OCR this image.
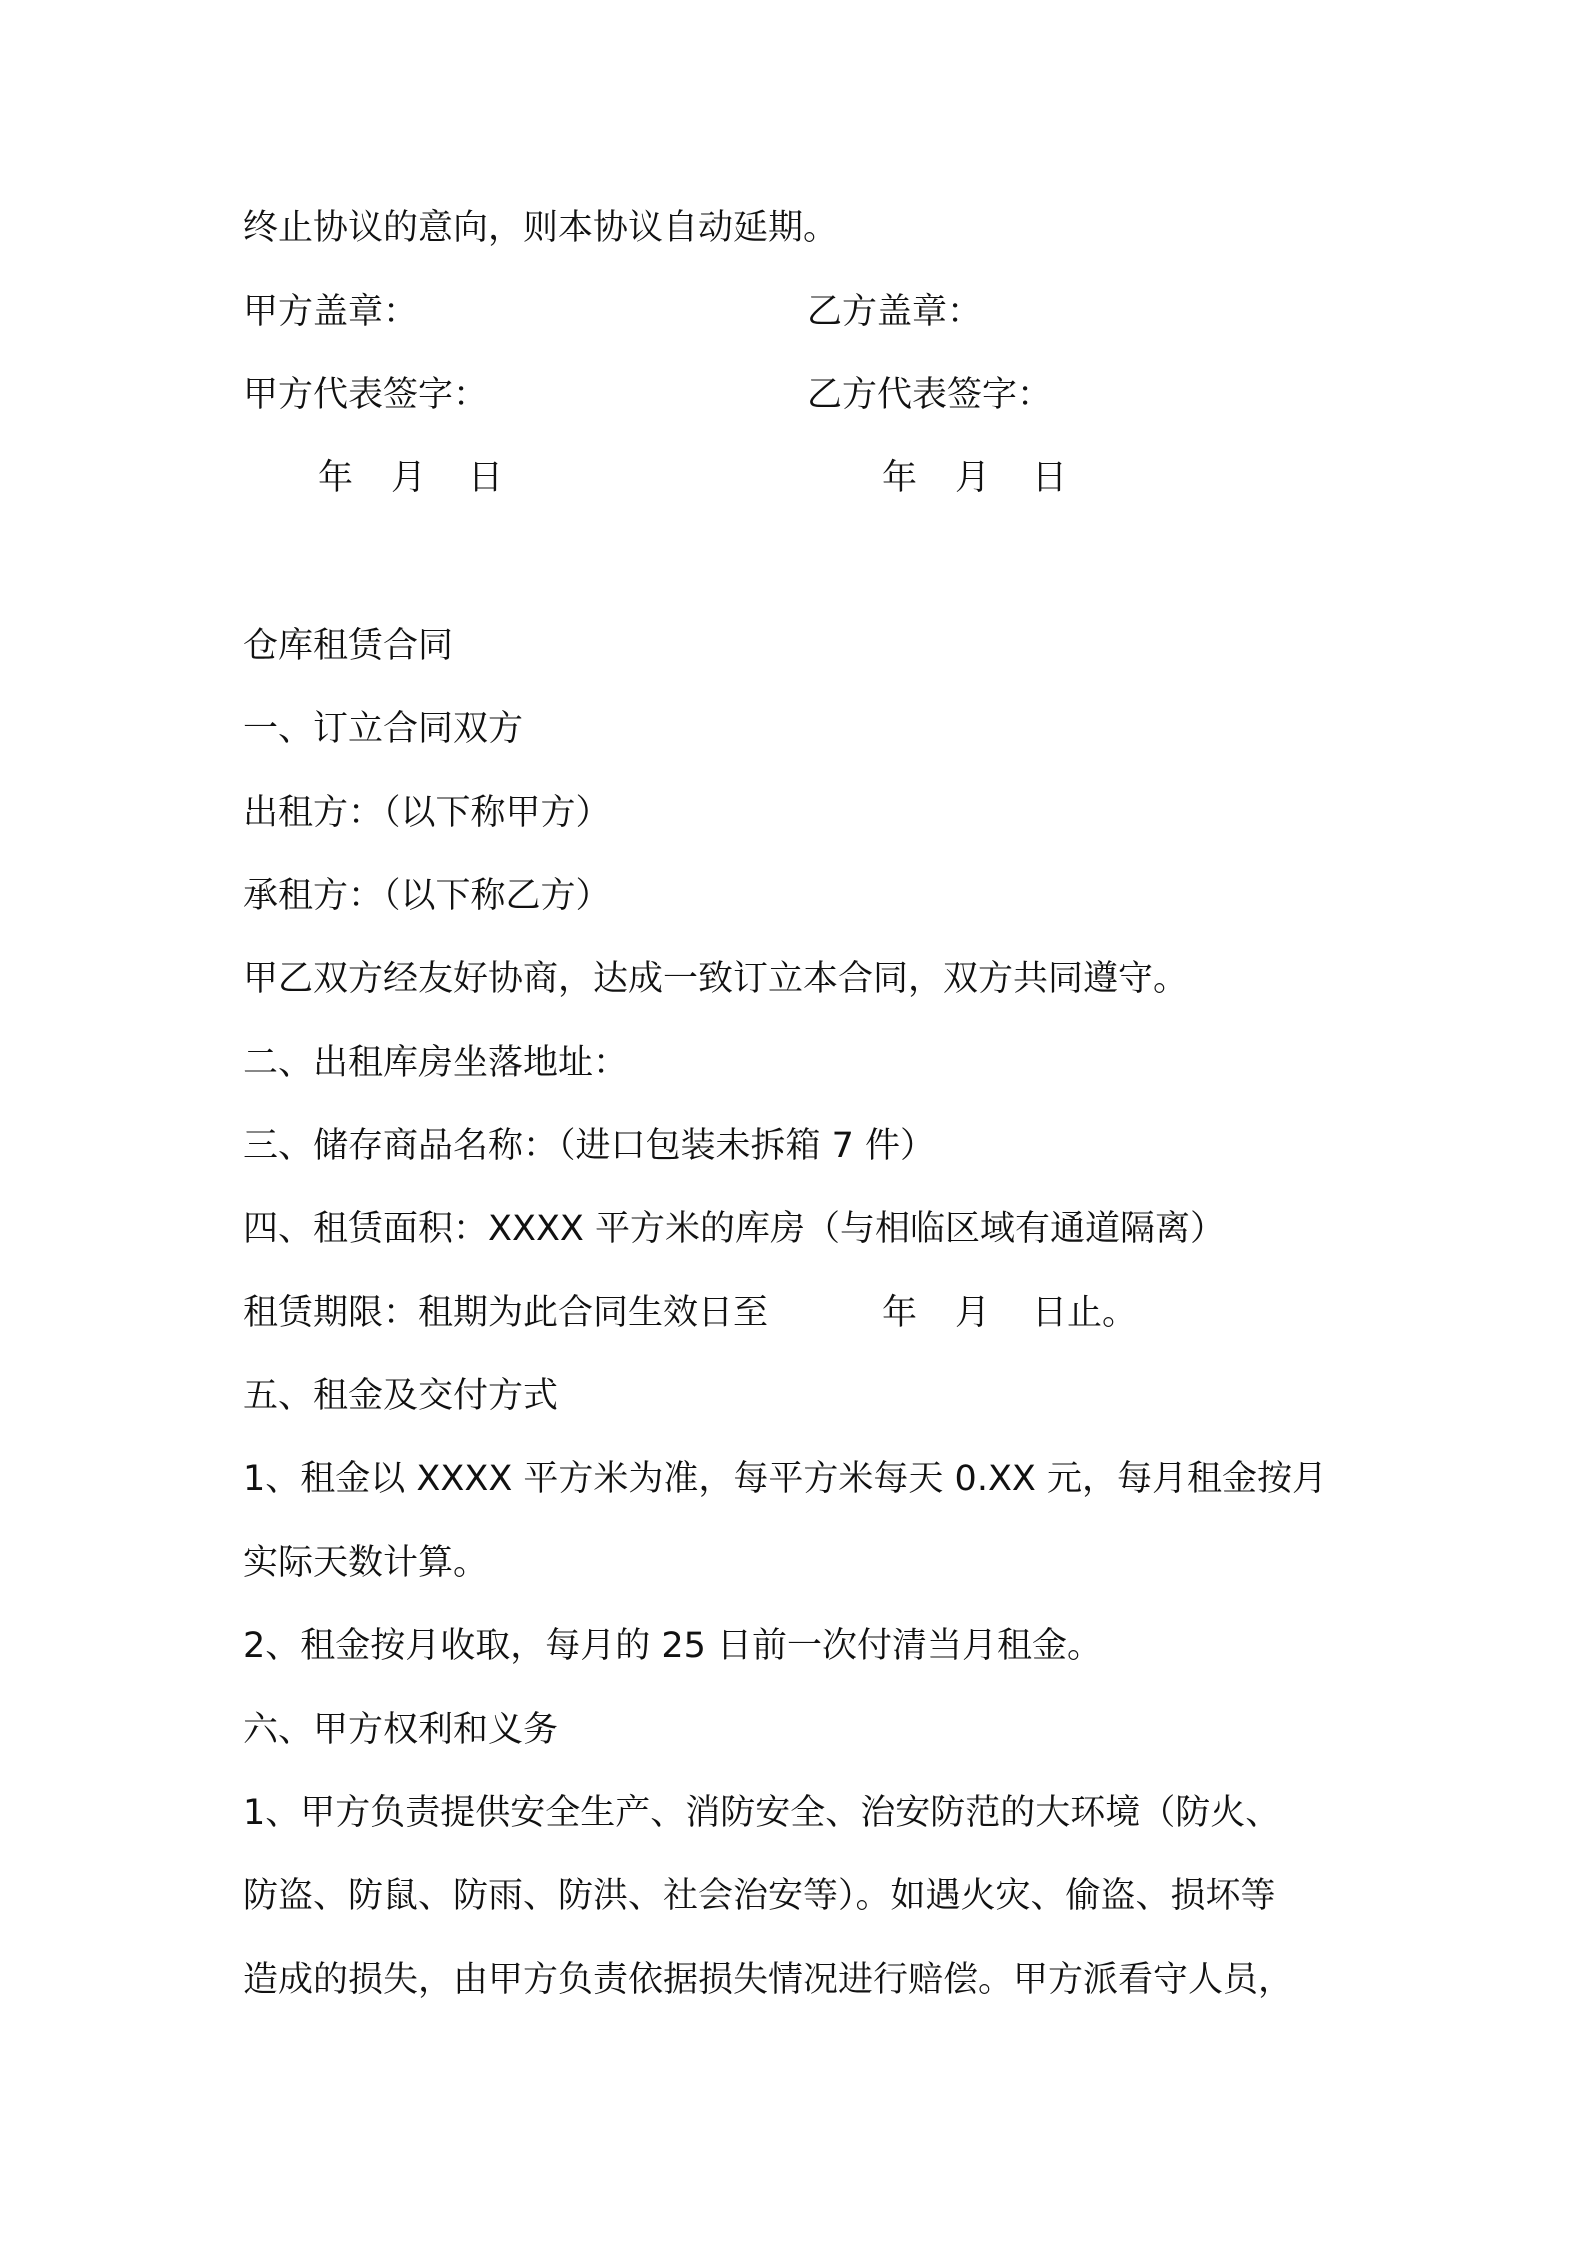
终止协议的意向，则本协议自动延期。
甲方盖章：	乙方盖章：
甲方代表签字：	乙方代表签字：
年 月 日	年 月 日
仓库租赁合同
一、订立合同双方
出租方：（以下称甲方）
承租方：（以下称乙方）
甲乙双方经友好协商，达成一致订立本合同，双方共同遵守。
二、出租库房坐落地址：
三、储存商品名称：（进口包装未拆箱 7 件）
四、租赁面积：XXXX 平方米的库房（与相临区域有通道隔离）
租赁期限：租期为此合同生效日至	年 月 日止。
五、租金及交付方式
1、租金以 XXXX 平方米为准，每平方米每天 0.XX 元，每月租金按月
实际天数计算。
2、租金按月收取，每月的 25 日前一次付清当月租金。
六、甲方权利和义务
1、甲方负责提供安全生产、消防安全、治安防范的大环境（防火、
防盗、防鼠、防雨、防洪、社会治安等）。如遇火灾、偷盗、损坏等
造成的损失，由甲方负责依据损失情况进行赔偿。甲方派看守人员，
